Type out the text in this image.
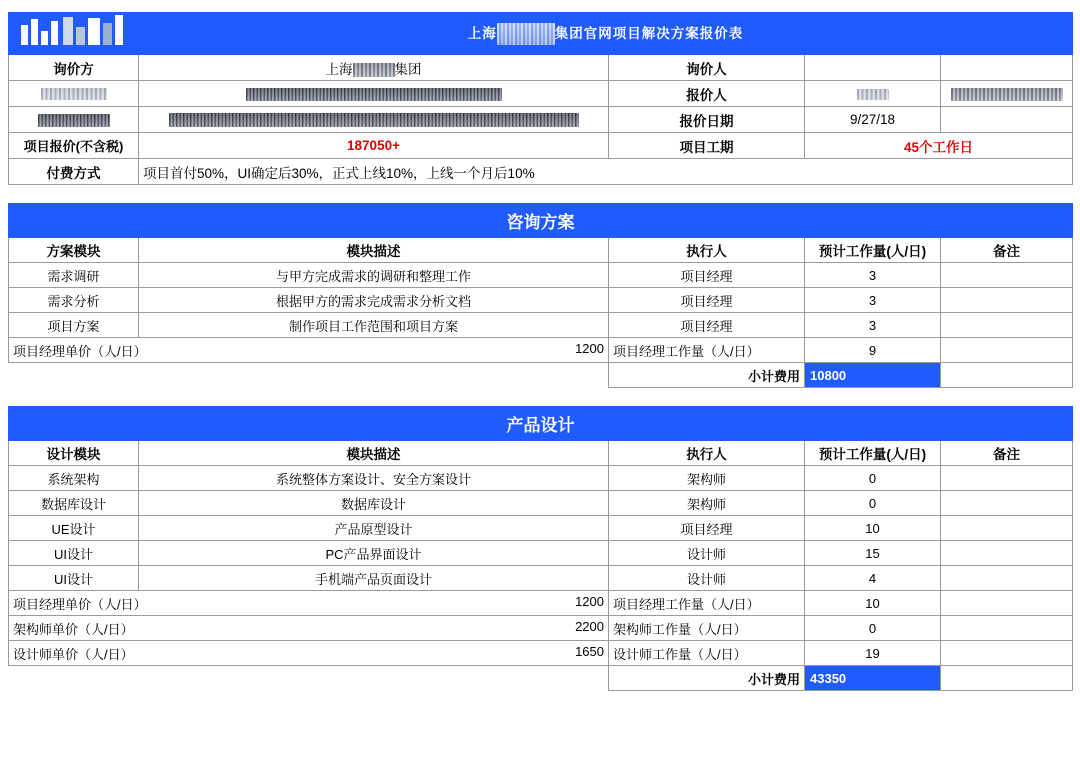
	上海 集团官网项目解决方案报价表			
询价方	上海 集团	询价人		
		报价人		
		报价日期	9/27/18	
项目报价(不含税)	187050+	项目工期	45个工作日	
付费方式	项目首付50%，UI确定后30%，正式上线10%，上线一个月后10%			
咨询方案				
方案模块	模块描述	执行人	预计工作量(人/日)	备注
需求调研	与甲方完成需求的调研和整理工作	项目经理	3	
需求分析	根据甲方的需求完成需求分析文档	项目经理	3	
项目方案	制作项目工作范围和项目方案	项目经理	3	
项目经理单价（人/日） 1200		项目经理工作量（人/日）	9	
		小计费用	10800	
产品设计				
设计模块	模块描述	执行人	预计工作量(人/日)	备注
系统架构	系统整体方案设计、安全方案设计	架构师	0	
数据库设计	数据库设计	架构师	0	
UE设计	产品原型设计	项目经理	10	
UI设计	PC产品界面设计	设计师	15	
UI设计	手机端产品页面设计	设计师	4	
项目经理单价（人/日） 1200		项目经理工作量（人/日）	10	
架构师单价（人/日） 2200		架构师工作量（人/日）	0	
设计师单价（人/日） 1650		设计师工作量（人/日）	19	
		小计费用	43350	
